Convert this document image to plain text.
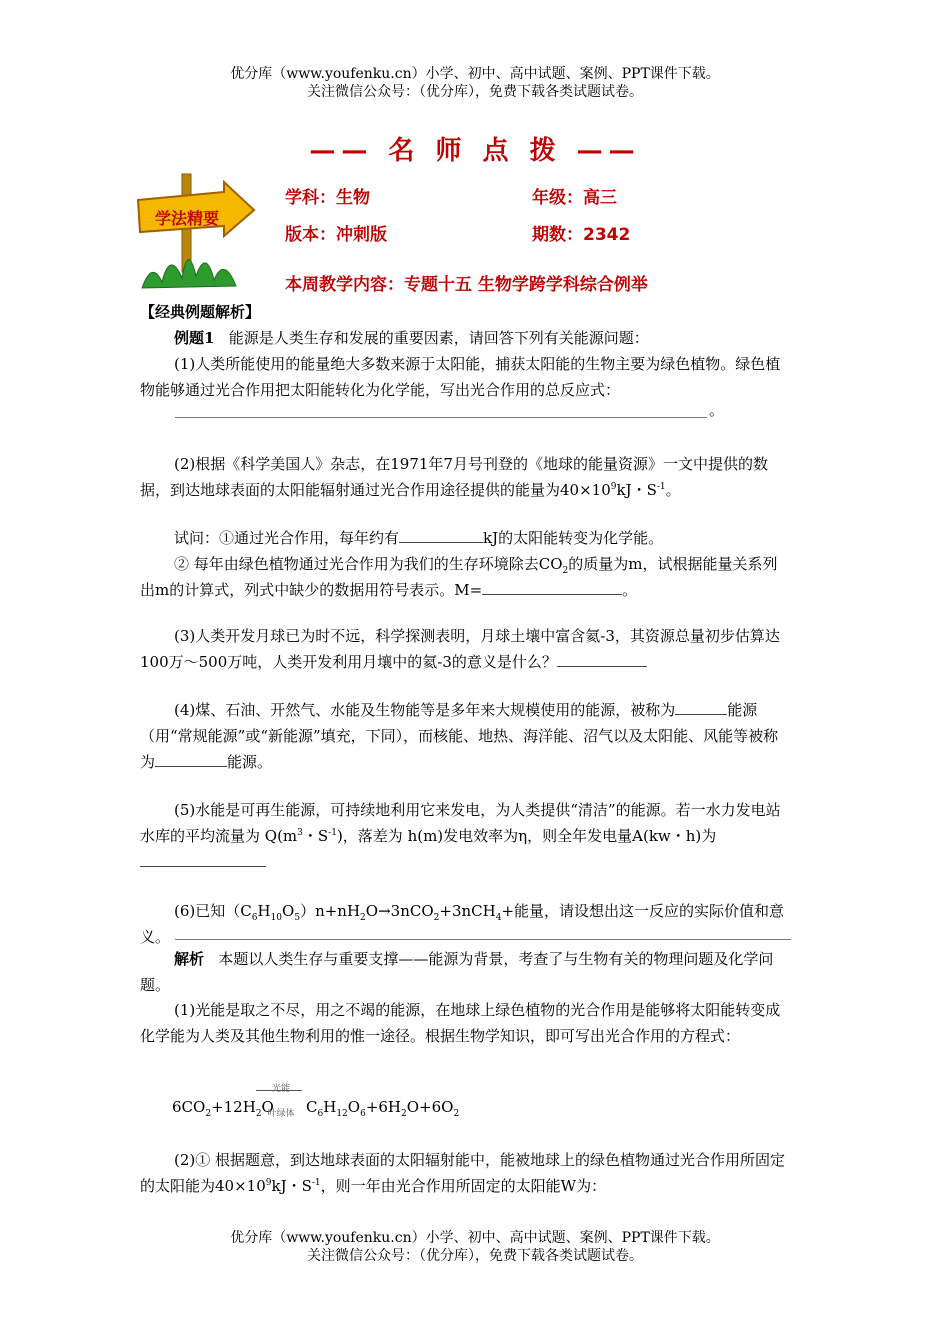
优分库（www.youfenku.cn）小学、初中、高中试题、案例、PPT课件下载。
关注微信公众号：（优分库），免费下载各类试题试卷。
—— 名 师 点 拨 ——
学法精要
学科：生物	年级：高三
版本：冲刺版	期数：2342
本周教学内容：专题十五 生物学跨学科综合例举
【经典例题解析】
例题1 能源是人类生存和发展的重要因素，请回答下列有关能源问题：
(1)人类所能使用的能量绝大多数来源于太阳能，捕获太阳能的生物主要为绿色植物。绿色植物能够通过光合作用把太阳能转化为化学能，写出光合作用的总反应式：
。
(2)根据《科学美国人》杂志，在1971年7月号刊登的《地球的能量资源》一文中提供的数据，到达地球表面的太阳能辐射通过光合作用途径提供的能量为$40\times 10^9kJ$・$S^{-1}$。
试问：①通过光合作用，每年约有	kJ的太阳能转变为化学能。
② 每年由绿色植物通过光合作用为我们的生存环境除去$CO_2$的质量为m，试根据能量关系列出m的计算式，列式中缺少的数据用符号表示。M=	。
(3)人类开发月球已为时不远，科学探测表明，月球土壤中富含氦-3，其资源总量初步估算达100万～500万吨，人类开发利用月壤中的氦-3的意义是什么？
(4)煤、石油、开然气、水能及生物能等是多年来大规模使用的能源，被称为	能源（用“常规能源”或“新能源”填充，下同），而核能、地热、海洋能、沼气以及太阳能、风能等被称为	能源。
(5)水能是可再生能源，可持续地利用它来发电，为人类提供“清洁”的能源。若一水力发电站水库的平均流量为 $Q(m^3$・$S^{-1}$)，落差为 h(m)发电效率为η，则全年发电量A(kw・h)为
(6)已知$(C_6H_{10}O_5)n+nH_2O\to 3nCO_2+3nCH_4+$能量，请设想出这一反应的实际价值和意义。
解析 本题以人类生存与重要支撑——能源为背景，考查了与生物有关的物理问题及化学问题。
(1)光能是取之不尽，用之不竭的能源，在地球上绿色植物的光合作用是能够将太阳能转变成化学能为人类及其他生物利用的惟一途径。根据生物学知识，即可写出光合作用的方程式：
$6CO_2+12H_2O$
光能
叶绿体 $C_6H_{12}O_6+6H_2O+6O_2$
(2)① 根据题意，到达地球表面的太阳辐射能中，能被地球上的绿色植物通过光合作用所固定的太阳能为$40\times 10^9kJ$・$S^{-1}$，则一年由光合作用所固定的太阳能W为：
优分库（www.youfenku.cn）小学、初中、高中试题、案例、PPT课件下载。
关注微信公众号：（优分库），免费下载各类试题试卷。
